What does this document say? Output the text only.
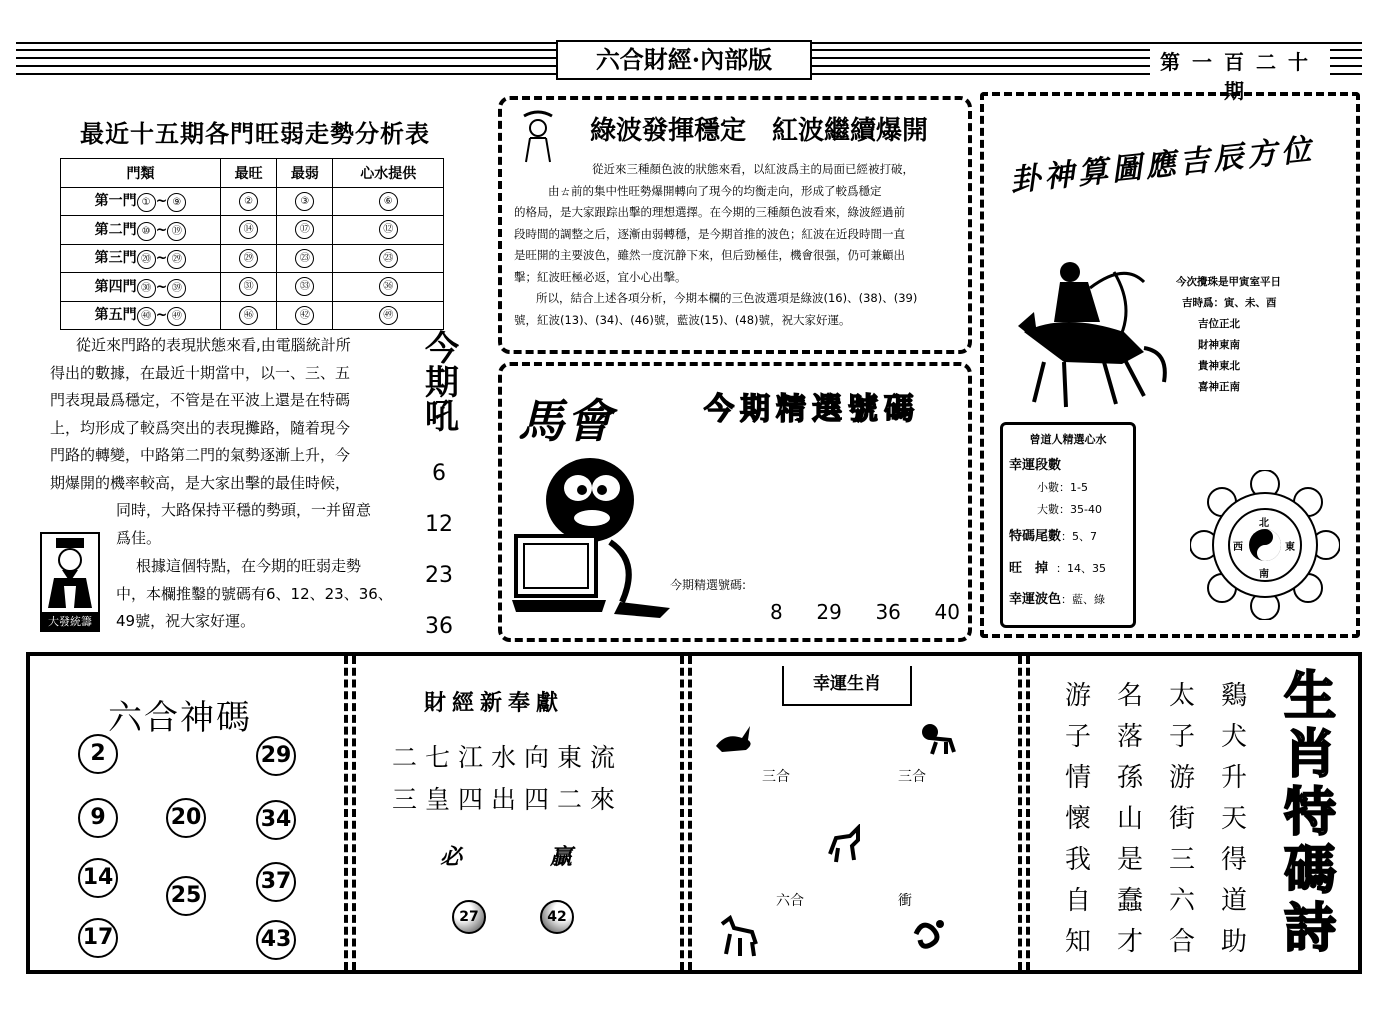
六合財經·內部版	第一百二十期
最近十五期各門旺弱走勢分析表
門類	最旺	最弱	心水提供
第一門 ① ~ ⑨	②	③	⑥
第二門 ⑩ ~ ⑲	⑭	⑰	⑫
第三門 ⑳ ~ ㉙	㉙	㉓	㉓
第四門 ㉚ ~ ㊴	㉛	㉝	㊱
第五門 ㊵ ~ ㊾	㊻	㊷	㊾
從近來門路的表現狀態來看,由電腦統計所
得出的數據，在最近十期當中，以一、三、五
門表現最爲穩定，不管是在平波上還是在特碼
上，均形成了較爲突出的表現攤路，隨着現今
門路的轉變，中路第二門的氣勢逐漸上升，今
期爆開的機率較高，是大家出擊的最佳時候，
同時，大路保持平穩的勢頭，一并留意
爲佳。
根據這個特點，在今期的旺弱走勢
中，本欄推鑿的號碼有6、12、23、36、
49號，祝大家好運。
大發統籌
今期吼
6
12
23
36
綠波發揮穩定　紅波繼續爆開
從近來三種顏色波的狀態來看，以紅波爲主的局面已經被打破，
由ㄊ前的集中性旺勢爆開轉向了現今的均衡走向，形成了較爲穩定
的格局，是大家跟踪出擊的理想選擇。在今期的三種顏色波看來，綠波經過前
段時間的調整之后，逐漸由弱轉穩，是今期首推的波色；紅波在近段時間一直
是旺開的主要波色，雖然一度沉静下來，但后勁極佳，機會很强，仍可兼顧出
擊；紅波旺極必返，宜小心出擊。
所以，結合上述各項分析，今期本欄的三色波選項是綠波(16)、(38)、(39)
號，紅波(13)、(34)、(46)號，藍波(15)、(48)號，祝大家好運。
馬會	今期精選號碼
今期精選號碼:
8 29 36 40
卦神算圖應吉辰方位
今次攪珠是甲寅室平日
吉時爲：寅、未、酉
吉位正北
財神東南
貴神東北
喜神正南
曾道人精選心水
幸運段數
小數：1-5
大數：35-40
特碼尾數：5、7
旺　掉 ：14、35
幸運波色：藍、綠
北
南
東
西
六合神碼
2	29
9	20	34
14
25
37
17	43
財經新奉獻
二七江水向東流
三皇四出四二來
必	贏
27	42
幸運生肖
三合	三合
六合	衝
鷄犬升天得道助
太子游街三六合
名落孫山是蠢才
游子情懷我自知
生肖特碼詩
